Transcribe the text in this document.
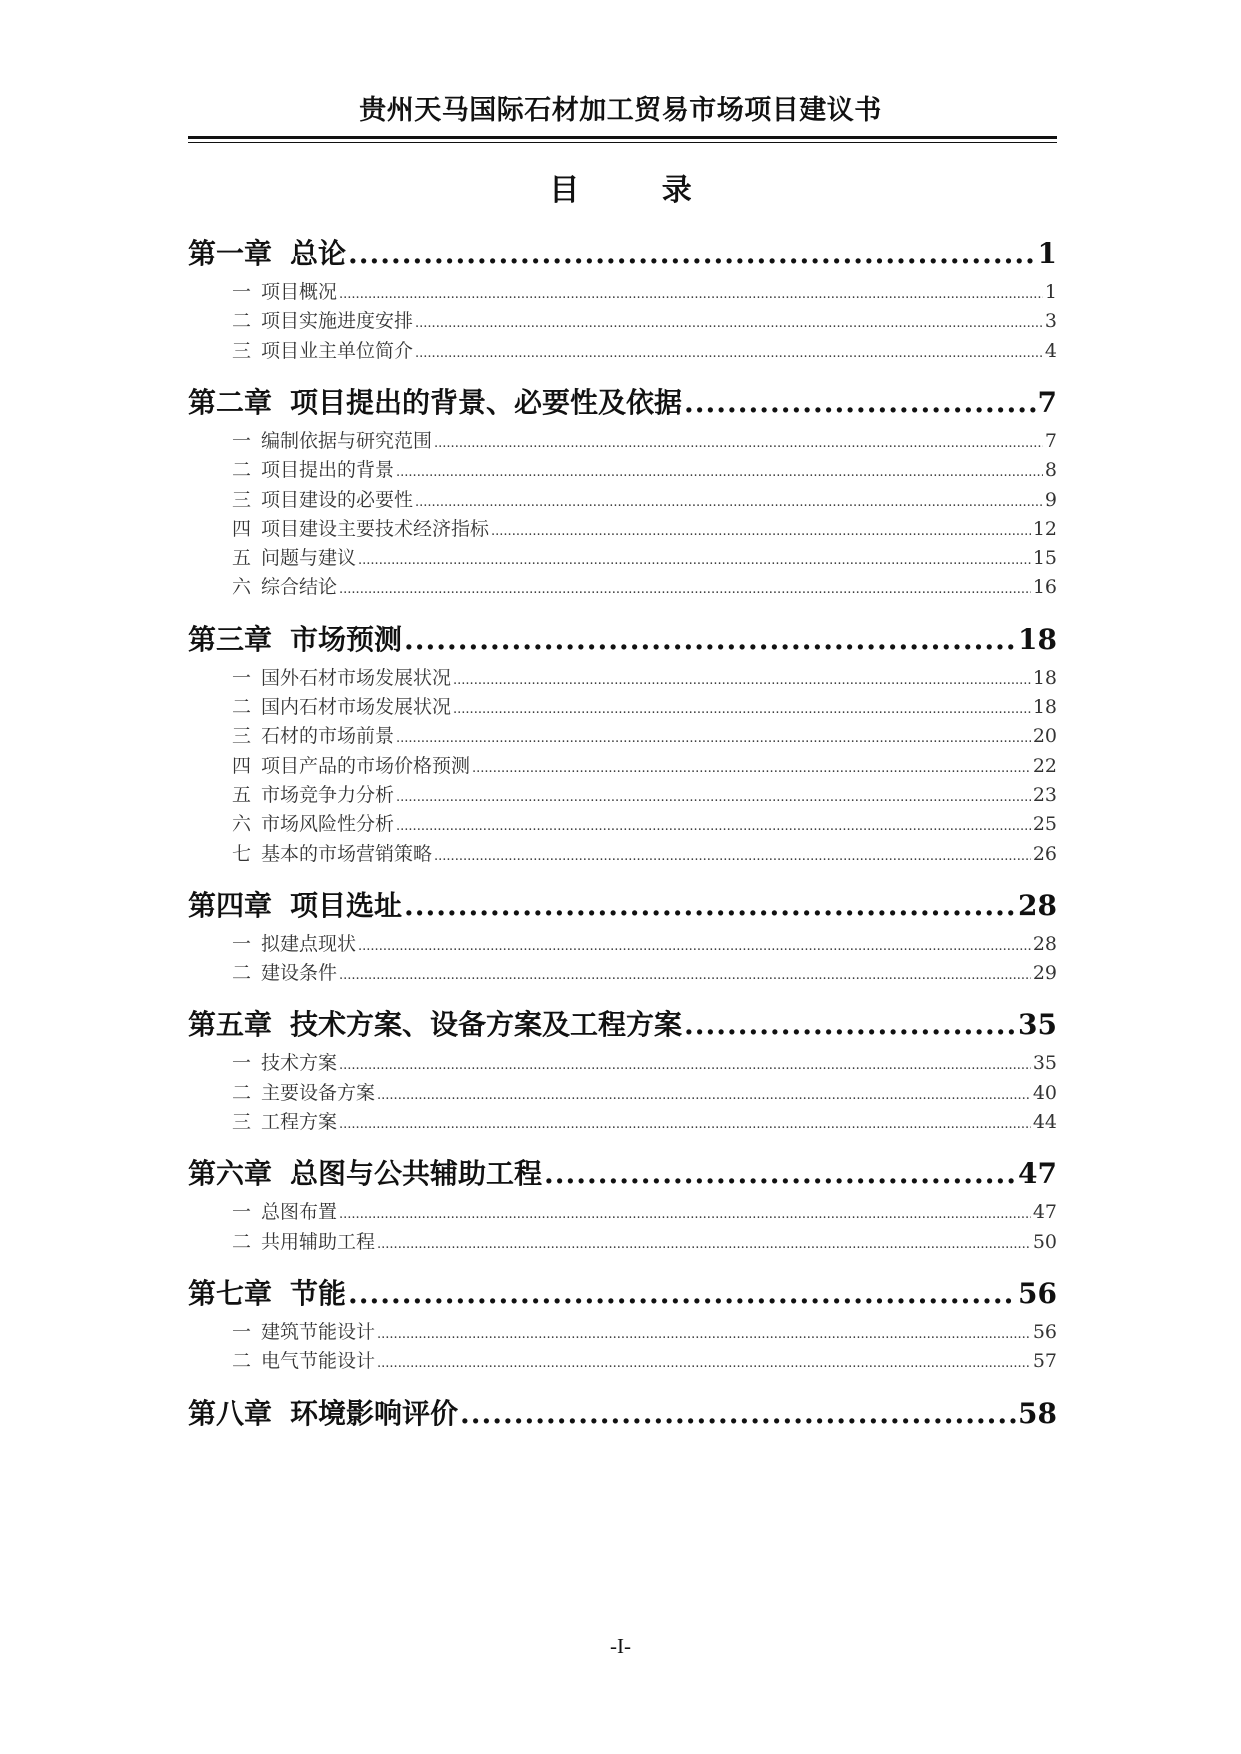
贵州天马国际石材加工贸易市场项目建议书
目 录
第一章 总论 .....	1
一 项目概况 .....	1
二 项目实施进度安排 .....	3
三 项目业主单位简介 .....	4
第二章 项目提出的背景、必要性及依据 .....	7
一 编制依据与研究范围 .....	7
二 项目提出的背景 .....	8
三 项目建设的必要性 .....	9
四 项目建设主要技术经济指标 .....	12
五 问题与建议 .....	15
六 综合结论 .....	16
第三章 市场预测 .....	18
一 国外石材市场发展状况 .....	18
二 国内石材市场发展状况 .....	18
三 石材的市场前景 .....	20
四 项目产品的市场价格预测 .....	22
五 市场竞争力分析 .....	23
六 市场风险性分析 .....	25
七 基本的市场营销策略 .....	26
第四章 项目选址 .....	28
一 拟建点现状 .....	28
二 建设条件 .....	29
第五章 技术方案、设备方案及工程方案 .....	35
一 技术方案 .....	35
二 主要设备方案 .....	40
三 工程方案 .....	44
第六章 总图与公共辅助工程 .....	47
一 总图布置 .....	47
二 共用辅助工程 .....	50
第七章 节能 .....	56
一 建筑节能设计 .....	56
二 电气节能设计 .....	57
第八章 环境影响评价 .....	58
-I-
